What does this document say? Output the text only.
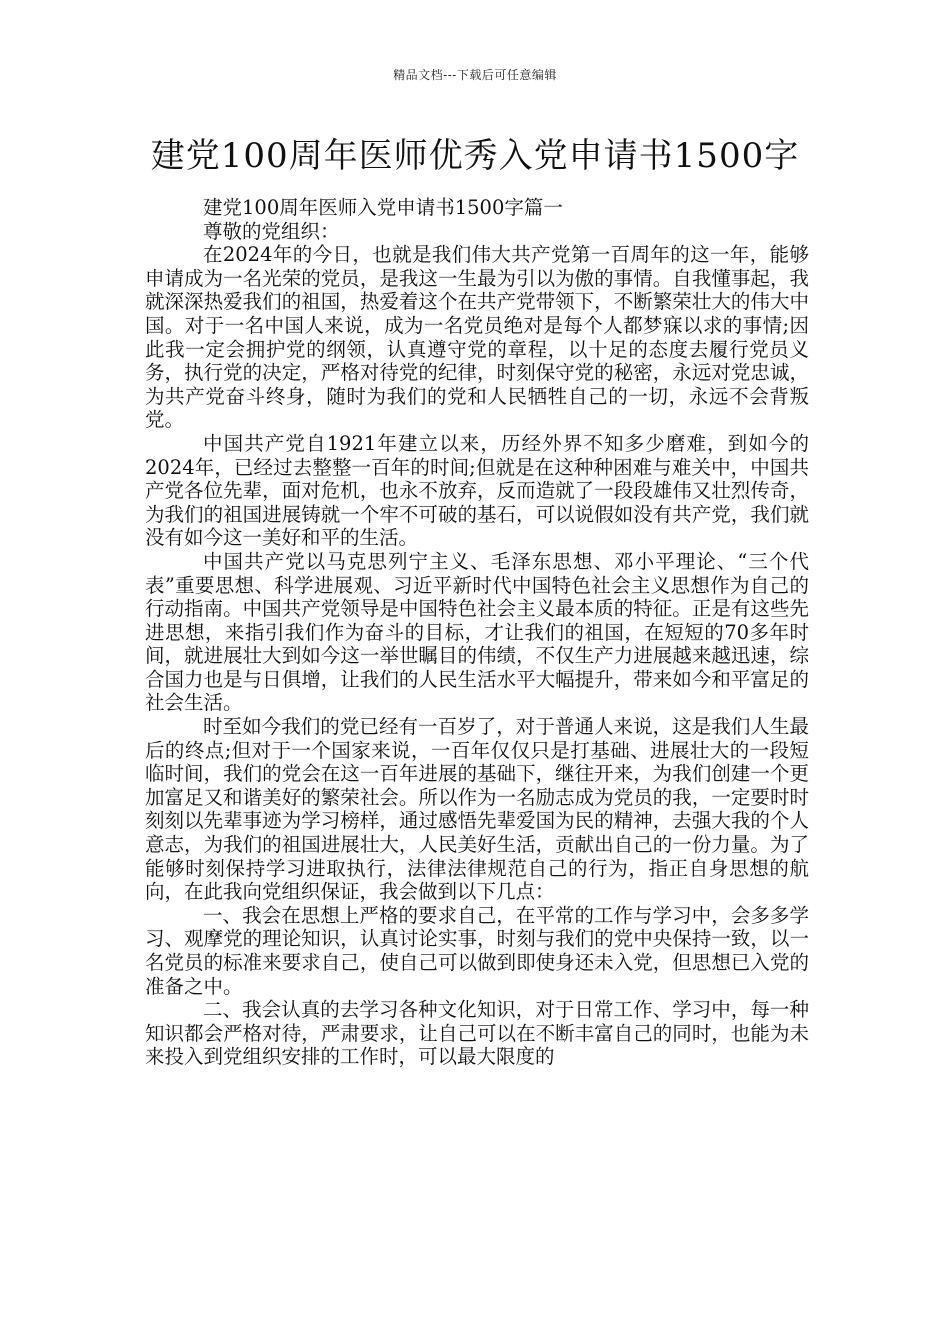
精品文档---下载后可任意编辑
建党100周年医师优秀入党申请书1500字

建党100周年医师入党申请书1500字篇一

尊敬的党组织：

在2024年的今日，也就是我们伟大共产党第一百周年的这一年，能够申请成为一名光荣的党员，是我这一生最为引以为傲的事情。自我懂事起，我就深深热爱我们的祖国，热爱着这个在共产党带领下，不断繁荣壮大的伟大中国。对于一名中国人来说，成为一名党员绝对是每个人都梦寐以求的事情;因此我一定会拥护党的纲领，认真遵守党的章程，以十足的态度去履行党员义务，执行党的决定，严格对待党的纪律，时刻保守党的秘密，永远对党忠诚，为共产党奋斗终身，随时为我们的党和人民牺牲自己的一切，永远不会背叛党。

中国共产党自1921年建立以来，历经外界不知多少磨难，到如今的2024年，已经过去整整一百年的时间;但就是在这种种困难与难关中，中国共产党各位先辈，面对危机，也永不放弃，反而造就了一段段雄伟又壮烈传奇，为我们的祖国进展铸就一个牢不可破的基石，可以说假如没有共产党，我们就没有如今这一美好和平的生活。

中国共产党以马克思列宁主义、毛泽东思想、邓小平理论、“三个代表”重要思想、科学进展观、习近平新时代中国特色社会主义思想作为自己的行动指南。中国共产党领导是中国特色社会主义最本质的特征。正是有这些先进思想，来指引我们作为奋斗的目标，才让我们的祖国，在短短的70多年时间，就进展壮大到如今这一举世瞩目的伟绩，不仅生产力进展越来越迅速，综合国力也是与日俱增，让我们的人民生活水平大幅提升，带来如今和平富足的社会生活。

时至如今我们的党已经有一百岁了，对于普通人来说，这是我们人生最后的终点;但对于一个国家来说，一百年仅仅只是打基础、进展壮大的一段短临时间，我们的党会在这一百年进展的基础下，继往开来，为我们创建一个更加富足又和谐美好的繁荣社会。所以作为一名励志成为党员的我，一定要时时刻刻以先辈事迹为学习榜样，通过感悟先辈爱国为民的精神，去强大我的个人意志，为我们的祖国进展壮大，人民美好生活，贡献出自己的一份力量。为了能够时刻保持学习进取执行，法律法律规范自己的行为，指正自身思想的航向，在此我向党组织保证，我会做到以下几点：

一、我会在思想上严格的要求自己，在平常的工作与学习中，会多多学习、观摩党的理论知识，认真讨论实事，时刻与我们的党中央保持一致，以一名党员的标准来要求自己，使自己可以做到即使身还未入党，但思想已入党的准备之中。

二、我会认真的去学习各种文化知识，对于日常工作、学习中，每一种知识都会严格对待，严肃要求，让自己可以在不断丰富自己的同时，也能为未来投入到党组织安排的工作时，可以最大限度的
